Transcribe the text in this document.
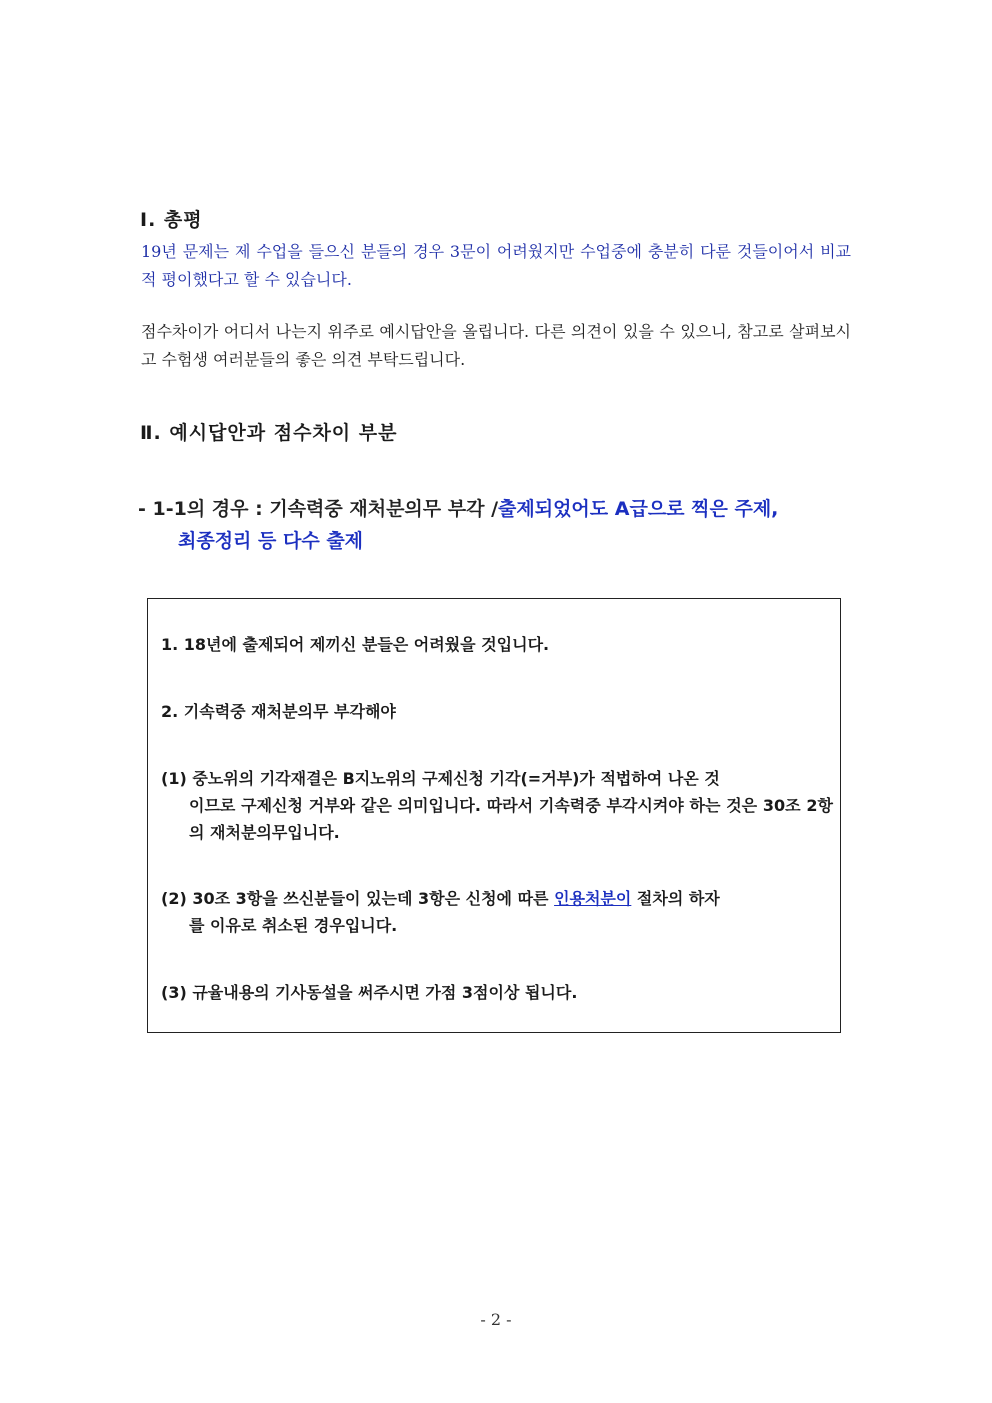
Ⅰ. 총평
19년 문제는 제 수업을 들으신 분들의 경우 3문이 어려웠지만 수업중에 충분히 다룬 것들이어서 비교적 평이했다고 할 수 있습니다.
점수차이가 어디서 나는지 위주로 예시답안을 올립니다. 다른 의견이 있을 수 있으니, 참고로 살펴보시고 수험생 여러분들의 좋은 의견 부탁드립니다.
Ⅱ. 예시답안과 점수차이 부분
- 1-1의 경우 : 기속력중 재처분의무 부각 /출제되었어도 A급으로 찍은 주제,
최종정리 등 다수 출제
1. 18년에 출제되어 제끼신 분들은 어려웠을 것입니다.
2. 기속력중 재처분의무 부각해야
(1) 중노위의 기각재결은 B지노위의 구제신청 기각(=거부)가 적법하여 나온 것
이므로 구제신청 거부와 같은 의미입니다. 따라서 기속력중 부각시켜야 하는 것은 30조 2항의 재처분의무입니다.
(2) 30조 3항을 쓰신분들이 있는데 3항은 신청에 따른 인용처분이 절차의 하자
를 이유로 취소된 경우입니다.
(3) 규율내용의 기사동설을 써주시면 가점 3점이상 됩니다.
- 2 -
